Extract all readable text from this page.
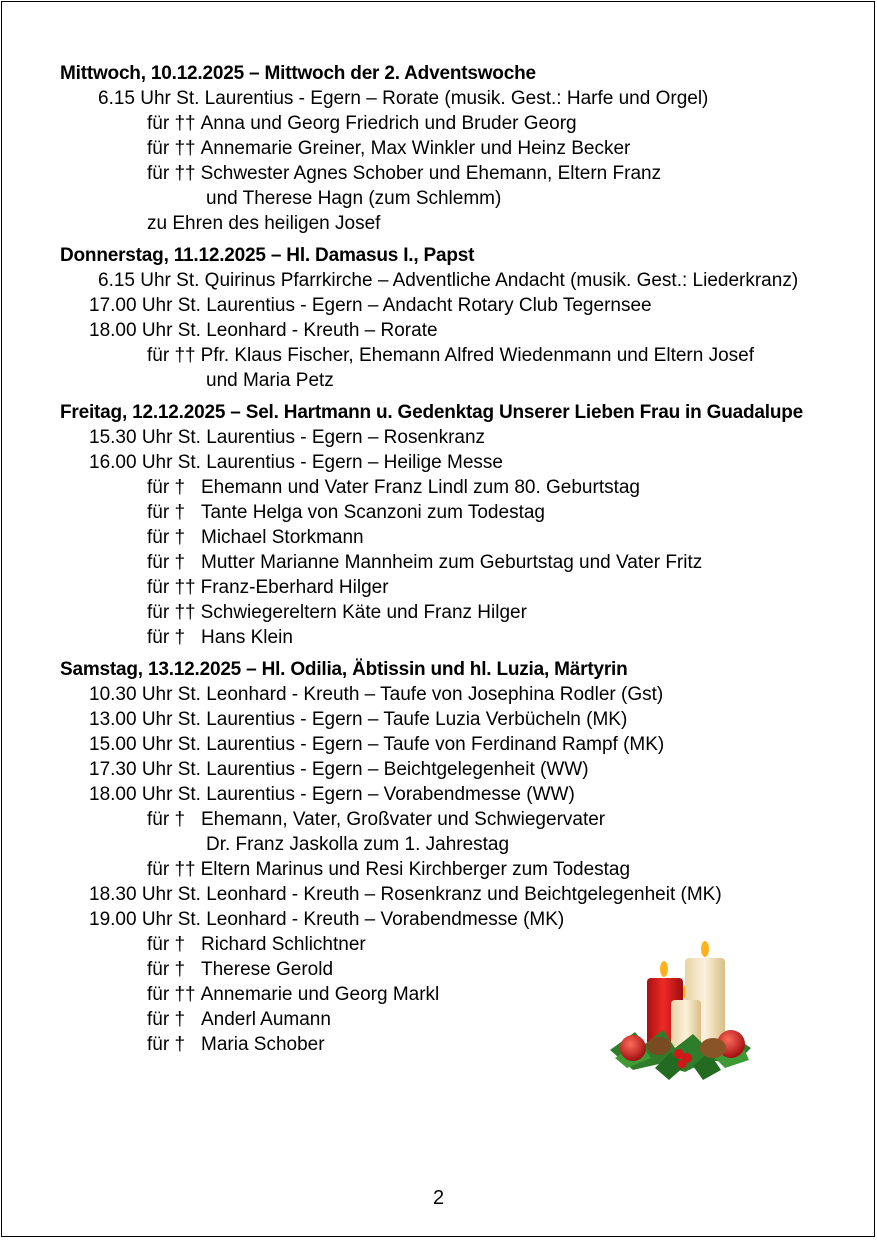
Mittwoch, 10.12.2025 – Mittwoch der 2. Adventswoche
6.15 Uhr St. Laurentius - Egern – Rorate (musik. Gest.: Harfe und Orgel)
für †† Anna und Georg Friedrich und Bruder Georg
für †† Annemarie Greiner, Max Winkler und Heinz Becker
für †† Schwester Agnes Schober und Ehemann, Eltern Franz
und Therese Hagn (zum Schlemm)
zu Ehren des heiligen Josef
Donnerstag, 11.12.2025 – Hl. Damasus I., Papst
6.15 Uhr St. Quirinus Pfarrkirche – Adventliche Andacht (musik. Gest.: Liederkranz)
17.00 Uhr St. Laurentius - Egern – Andacht Rotary Club Tegernsee
18.00 Uhr St. Leonhard - Kreuth – Rorate
für †† Pfr. Klaus Fischer, Ehemann Alfred Wiedenmann und Eltern Josef
und Maria Petz
Freitag, 12.12.2025 – Sel. Hartmann u. Gedenktag Unserer Lieben Frau in Guadalupe
15.30 Uhr St. Laurentius - Egern – Rosenkranz
16.00 Uhr St. Laurentius - Egern – Heilige Messe
für † Ehemann und Vater Franz Lindl zum 80. Geburtstag
für † Tante Helga von Scanzoni zum Todestag
für † Michael Storkmann
für † Mutter Marianne Mannheim zum Geburtstag und Vater Fritz
für †† Franz-Eberhard Hilger
für †† Schwiegereltern Käte und Franz Hilger
für † Hans Klein
Samstag, 13.12.2025 – Hl. Odilia, Äbtissin und hl. Luzia, Märtyrin
10.30 Uhr St. Leonhard - Kreuth – Taufe von Josephina Rodler (Gst)
13.00 Uhr St. Laurentius - Egern – Taufe Luzia Verbücheln (MK)
15.00 Uhr St. Laurentius - Egern – Taufe von Ferdinand Rampf (MK)
17.30 Uhr St. Laurentius - Egern – Beichtgelegenheit (WW)
18.00 Uhr St. Laurentius - Egern – Vorabendmesse (WW)
für † Ehemann, Vater, Großvater und Schwiegervater
Dr. Franz Jaskolla zum 1. Jahrestag
für †† Eltern Marinus und Resi Kirchberger zum Todestag
18.30 Uhr St. Leonhard - Kreuth – Rosenkranz und Beichtgelegenheit (MK)
19.00 Uhr St. Leonhard - Kreuth – Vorabendmesse (MK)
für † Richard Schlichtner
für † Therese Gerold
für †† Annemarie und Georg Markl
für † Anderl Aumann
für † Maria Schober
2
